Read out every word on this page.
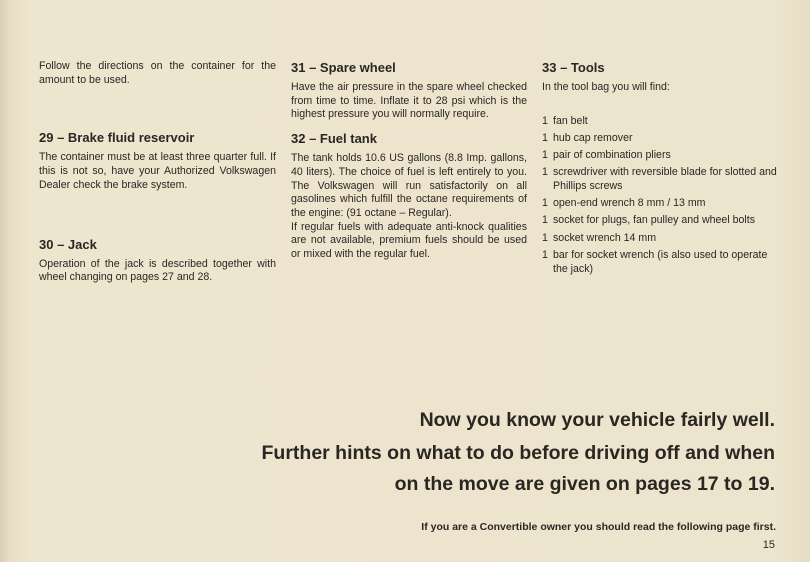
Follow the directions on the container for the amount to be used.

29 – Brake fluid reservoir

The container must be at least three quarter full. If this is not so, have your Authorized Volkswagen Dealer check the brake system.

30 – Jack

Operation of the jack is described together with wheel changing on pages 27 and 28.

31 – Spare wheel

Have the air pressure in the spare wheel checked from time to time. Inflate it to 28 psi which is the highest pressure you will normally require.

32 – Fuel tank

The tank holds 10.6 US gallons (8.8 Imp. gallons, 40 liters). The choice of fuel is left entirely to you. The Volkswagen will run satisfactorily on all gasolines which fulfill the octane requirements of the engine: (91 octane – Regular).

If regular fuels with adequate anti-knock qualities are not available, premium fuels should be used or mixed with the regular fuel.

33 – Tools

In the tool bag you will find:

1 fan belt
1 hub cap remover
1 pair of combination pliers
1 screwdriver with reversible blade for slotted and Phillips screws
1 open-end wrench 8 mm / 13 mm
1 socket for plugs, fan pulley and wheel bolts
1 socket wrench 14 mm
1 bar for socket wrench (is also used to operate the jack)
Now you know your vehicle fairly well.
Further hints on what to do before driving off and when
on the move are given on pages 17 to 19.
If you are a Convertible owner you should read the following page first.
15
